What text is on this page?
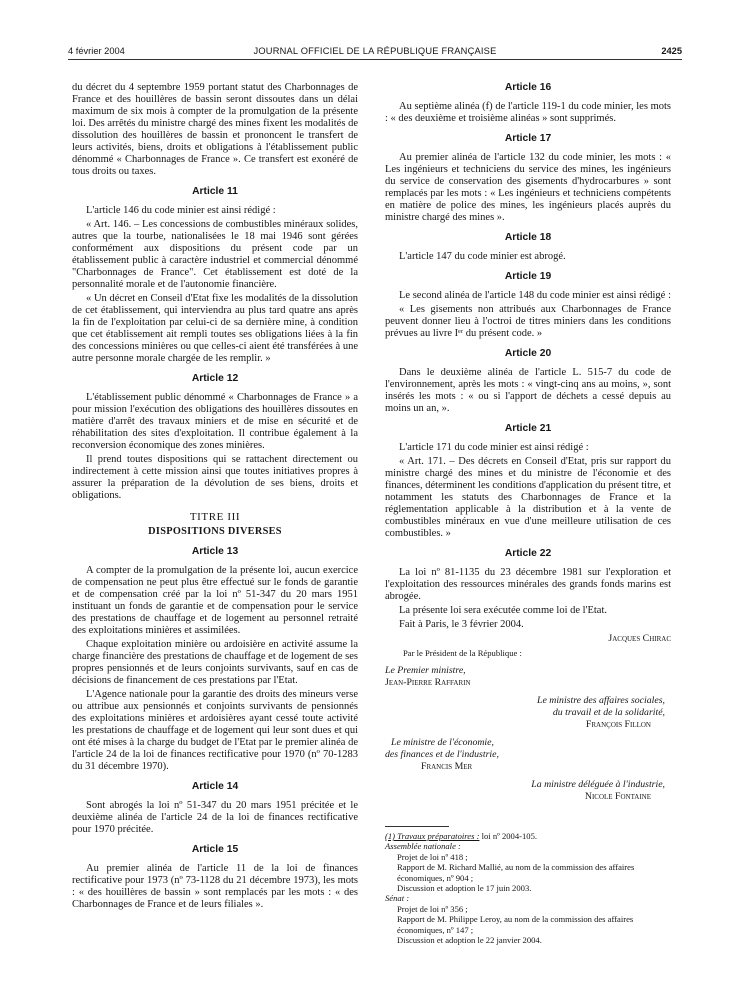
4 février 2004	JOURNAL OFFICIEL DE LA RÉPUBLIQUE FRANÇAISE	2425

du décret du 4 septembre 1959 portant statut des Charbonnages de France et des houillères de bassin seront dissoutes dans un délai maximum de six mois à compter de la promulgation de la présente loi. Des arrêtés du ministre chargé des mines fixent les modalités de dissolution des houillères de bassin et prononcent le transfert de leurs activités, biens, droits et obligations à l'établissement public dénommé « Charbonnages de France ». Ce transfert est exonéré de tous droits ou taxes.

Article 11

L'article 146 du code minier est ainsi rédigé :

« Art. 146. – Les concessions de combustibles minéraux solides, autres que la tourbe, nationalisées le 18 mai 1946 sont gérées conformément aux dispositions du présent code par un établissement public à caractère industriel et commercial dénommé "Charbonnages de France". Cet établissement est doté de la personnalité morale et de l'autonomie financière.

« Un décret en Conseil d'Etat fixe les modalités de la dissolution de cet établissement, qui interviendra au plus tard quatre ans après la fin de l'exploitation par celui-ci de sa dernière mine, à condition que cet établissement ait rempli toutes ses obligations liées à la fin des concessions minières ou que celles-ci aient été transférées à une autre personne morale chargée de les remplir. »

Article 12

L'établissement public dénommé « Charbonnages de France » a pour mission l'exécution des obligations des houillères dissoutes en matière d'arrêt des travaux miniers et de mise en sécurité et de réhabilitation des sites d'exploitation. Il contribue également à la reconversion économique des zones minières.

Il prend toutes dispositions qui se rattachent directement ou indirectement à cette mission ainsi que toutes initiatives propres à assurer la préparation de la dévolution de ses biens, droits et obligations.

TITRE III
DISPOSITIONS DIVERSES
Article 13

A compter de la promulgation de la présente loi, aucun exercice de compensation ne peut plus être effectué sur le fonds de garantie et de compensation créé par la loi nº 51-347 du 20 mars 1951 instituant un fonds de garantie et de compensation pour le service des prestations de chauffage et de logement au personnel retraité des exploitations minières et assimilées.

Chaque exploitation minière ou ardoisière en activité assume la charge financière des prestations de chauffage et de logement de ses propres pensionnés et de leurs conjoints survivants, sauf en cas de décisions de financement de ces prestations par l'Etat.

L'Agence nationale pour la garantie des droits des mineurs verse ou attribue aux pensionnés et conjoints survivants de pensionnés des exploitations minières et ardoisières ayant cessé toute activité les prestations de chauffage et de logement qui leur sont dues et qui ont été mises à la charge du budget de l'Etat par le premier alinéa de l'article 24 de la loi de finances rectificative pour 1970 (nº 70-1283 du 31 décembre 1970).

Article 14

Sont abrogés la loi nº 51-347 du 20 mars 1951 précitée et le deuxième alinéa de l'article 24 de la loi de finances rectificative pour 1970 précitée.

Article 15

Au premier alinéa de l'article 11 de la loi de finances rectificative pour 1973 (nº 73-1128 du 21 décembre 1973), les mots : « des houillères de bassin » sont remplacés par les mots : « des Charbonnages de France et de leurs filiales ».

Article 16

Au septième alinéa (f) de l'article 119-1 du code minier, les mots : « des deuxième et troisième alinéas » sont supprimés.

Article 17

Au premier alinéa de l'article 132 du code minier, les mots : « Les ingénieurs et techniciens du service des mines, les ingénieurs du service de conservation des gisements d'hydrocarbures » sont remplacés par les mots : « Les ingénieurs et techniciens compétents en matière de police des mines, les ingénieurs placés auprès du ministre chargé des mines ».

Article 18

L'article 147 du code minier est abrogé.

Article 19

Le second alinéa de l'article 148 du code minier est ainsi rédigé :

« Les gisements non attribués aux Charbonnages de France peuvent donner lieu à l'octroi de titres miniers dans les conditions prévues au livre Iᵉʳ du présent code. »

Article 20

Dans le deuxième alinéa de l'article L. 515-7 du code de l'environnement, après les mots : « vingt-cinq ans au moins, », sont insérés les mots : « ou si l'apport de déchets a cessé depuis au moins un an, ».

Article 21

L'article 171 du code minier est ainsi rédigé :

« Art. 171. – Des décrets en Conseil d'Etat, pris sur rapport du ministre chargé des mines et du ministre de l'économie et des finances, déterminent les conditions d'application du présent titre, et notamment les statuts des Charbonnages de France et la réglementation applicable à la distribution et à la vente de combustibles minéraux en vue d'une meilleure utilisation de ces combustibles. »

Article 22

La loi nº 81-1135 du 23 décembre 1981 sur l'exploration et l'exploitation des ressources minérales des grands fonds marins est abrogée.

La présente loi sera exécutée comme loi de l'Etat.

Fait à Paris, le 3 février 2004.

Jacques Chirac
Par le Président de la République :
Le Premier ministre,
Jean-Pierre Raffarin
Le ministre des affaires sociales,
du travail et de la solidarité,
François Fillon
Le ministre de l'économie,
des finances et de l'industrie,
Francis Mer
La ministre déléguée à l'industrie,
Nicole Fontaine
(1) Travaux préparatoires : loi nº 2004-105.
Assemblée nationale :
Projet de loi nº 418 ;
Rapport de M. Richard Mallié, au nom de la commission des affaires économiques, nº 904 ;
Discussion et adoption le 17 juin 2003.
Sénat :
Projet de loi nº 356 ;
Rapport de M. Philippe Leroy, au nom de la commission des affaires économiques, nº 147 ;
Discussion et adoption le 22 janvier 2004.
